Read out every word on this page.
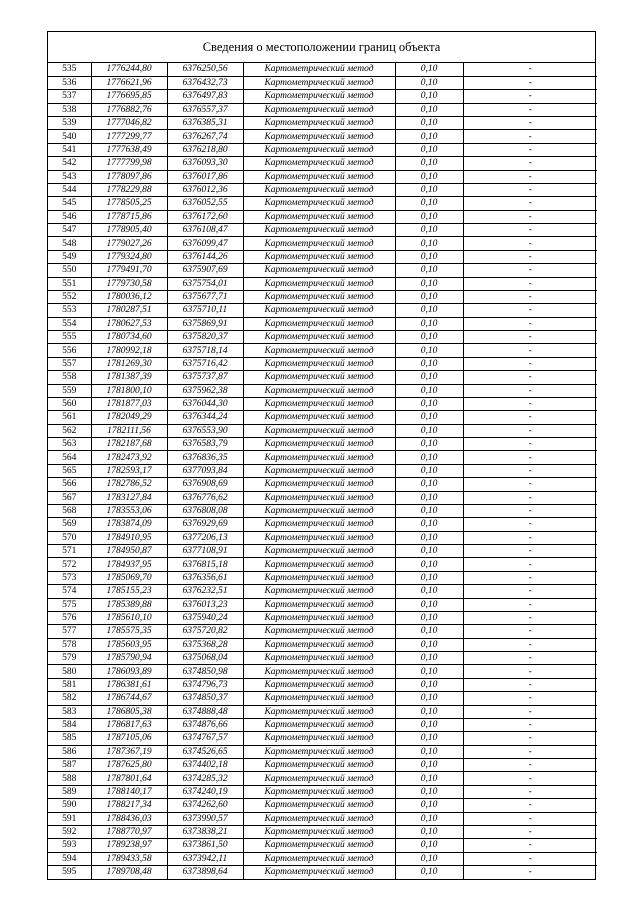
Сведения о местоположении границ объекта
535	1776244,80	6376250,56	Картометрический метод	0,10	-
536	1776621,96	6376432,73	Картометрический метод	0,10	-
537	1776695,85	6376497,83	Картометрический метод	0,10	-
538	1776882,76	6376557,37	Картометрический метод	0,10	-
539	1777046,82	6376385,31	Картометрический метод	0,10	-
540	1777299,77	6376267,74	Картометрический метод	0,10	-
541	1777638,49	6376218,80	Картометрический метод	0,10	-
542	1777799,98	6376093,30	Картометрический метод	0,10	-
543	1778097,86	6376017,86	Картометрический метод	0,10	-
544	1778229,88	6376012,36	Картометрический метод	0,10	-
545	1778505,25	6376052,55	Картометрический метод	0,10	-
546	1778715,86	6376172,60	Картометрический метод	0,10	-
547	1778905,40	6376108,47	Картометрический метод	0,10	-
548	1779027,26	6376099,47	Картометрический метод	0,10	-
549	1779324,80	6376144,26	Картометрический метод	0,10	-
550	1779491,70	6375907,69	Картометрический метод	0,10	-
551	1779730,58	6375754,01	Картометрический метод	0,10	-
552	1780036,12	6375677,71	Картометрический метод	0,10	-
553	1780287,51	6375710,11	Картометрический метод	0,10	-
554	1780627,53	6375869,91	Картометрический метод	0,10	-
555	1780734,60	6375820,37	Картометрический метод	0,10	-
556	1780992,18	6375718,14	Картометрический метод	0,10	-
557	1781269,30	6375716,42	Картометрический метод	0,10	-
558	1781387,39	6375737,87	Картометрический метод	0,10	-
559	1781800,10	6375962,38	Картометрический метод	0,10	-
560	1781877,03	6376044,30	Картометрический метод	0,10	-
561	1782049,29	6376344,24	Картометрический метод	0,10	-
562	1782111,56	6376553,90	Картометрический метод	0,10	-
563	1782187,68	6376583,79	Картометрический метод	0,10	-
564	1782473,92	6376836,35	Картометрический метод	0,10	-
565	1782593,17	6377093,84	Картометрический метод	0,10	-
566	1782786,52	6376908,69	Картометрический метод	0,10	-
567	1783127,84	6376776,62	Картометрический метод	0,10	-
568	1783553,06	6376808,08	Картометрический метод	0,10	-
569	1783874,09	6376929,69	Картометрический метод	0,10	-
570	1784910,95	6377206,13	Картометрический метод	0,10	-
571	1784950,87	6377108,91	Картометрический метод	0,10	-
572	1784937,95	6376815,18	Картометрический метод	0,10	-
573	1785069,70	6376356,61	Картометрический метод	0,10	-
574	1785155,23	6376232,51	Картометрический метод	0,10	-
575	1785389,88	6376013,23	Картометрический метод	0,10	-
576	1785610,10	6375940,24	Картометрический метод	0,10	-
577	1785575,35	6375720,82	Картометрический метод	0,10	-
578	1785603,95	6375368,28	Картометрический метод	0,10	-
579	1785790,94	6375068,04	Картометрический метод	0,10	-
580	1786093,89	6374850,98	Картометрический метод	0,10	-
581	1786381,61	6374796,73	Картометрический метод	0,10	-
582	1786744,67	6374850,37	Картометрический метод	0,10	-
583	1786805,38	6374888,48	Картометрический метод	0,10	-
584	1786817,63	6374876,66	Картометрический метод	0,10	-
585	1787105,06	6374767,57	Картометрический метод	0,10	-
586	1787367,19	6374526,65	Картометрический метод	0,10	-
587	1787625,80	6374402,18	Картометрический метод	0,10	-
588	1787801,64	6374285,32	Картометрический метод	0,10	-
589	1788140,17	6374240,19	Картометрический метод	0,10	-
590	1788217,34	6374262,60	Картометрический метод	0,10	-
591	1788436,03	6373990,57	Картометрический метод	0,10	-
592	1788770,97	6373838,21	Картометрический метод	0,10	-
593	1789238,97	6373861,50	Картометрический метод	0,10	-
594	1789433,58	6373942,11	Картометрический метод	0,10	-
595	1789708,48	6373898,64	Картометрический метод	0,10	-
